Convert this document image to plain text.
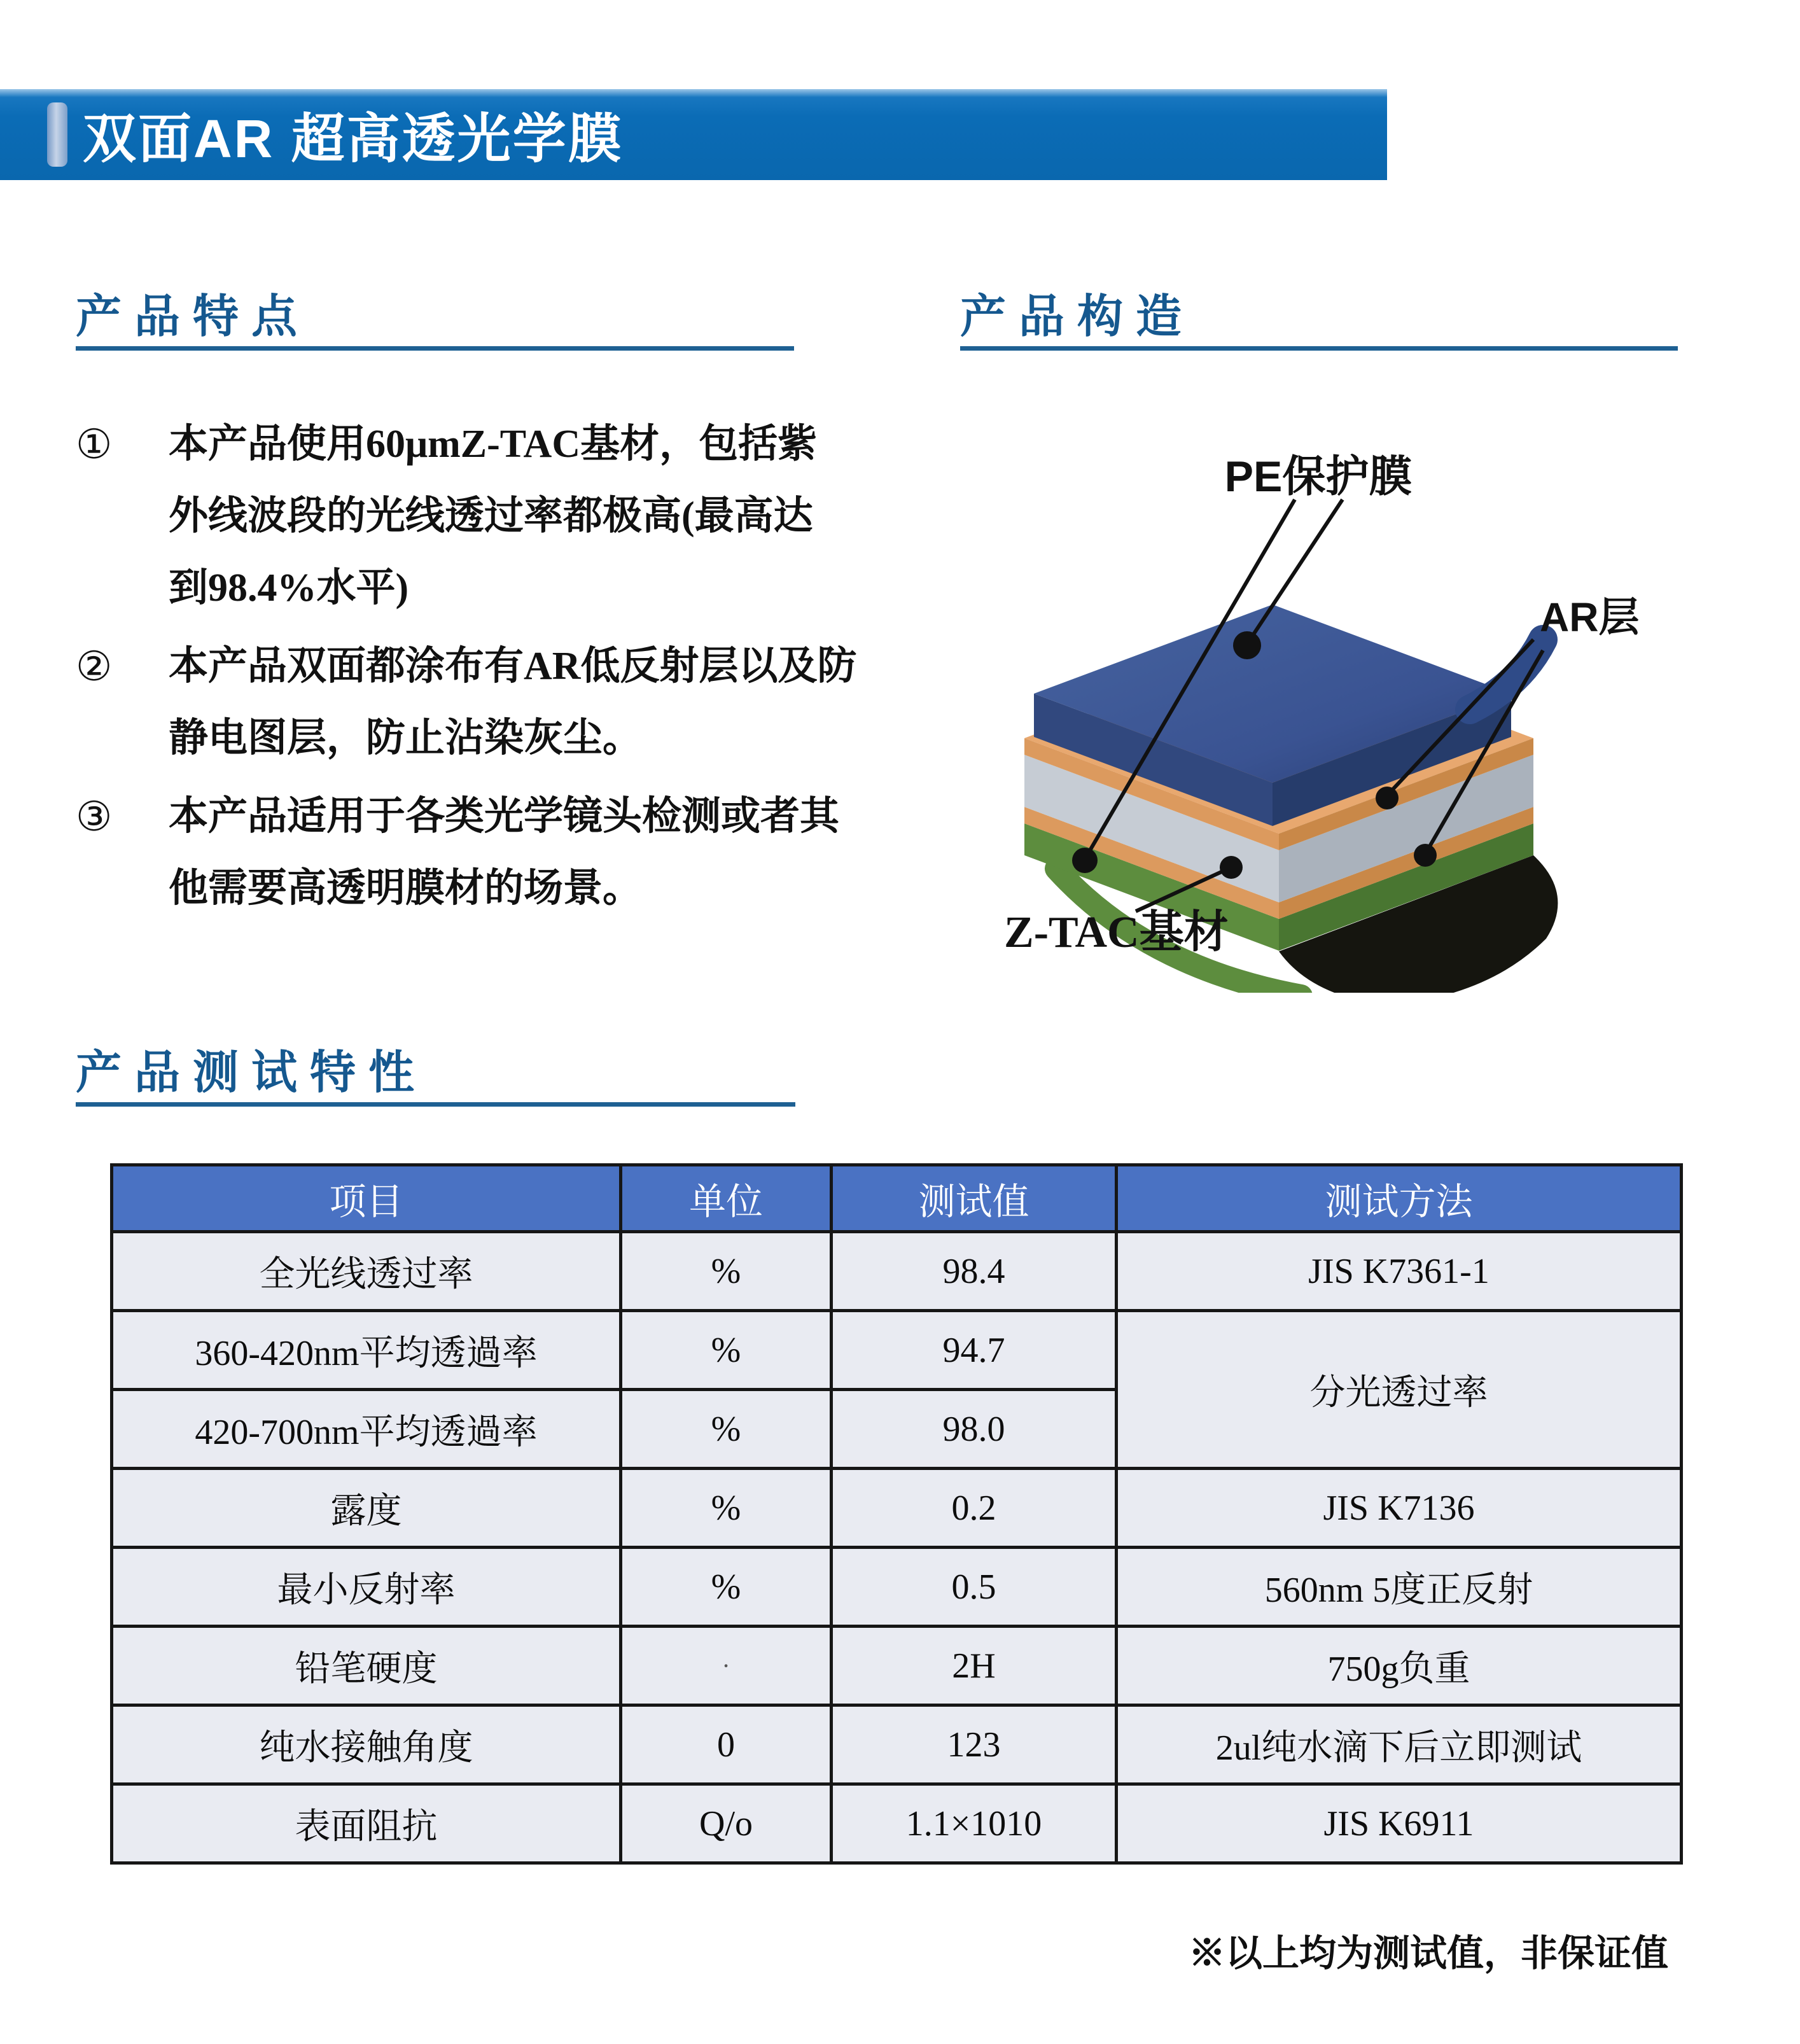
双面AR 超高透光学膜
产 品 特 点	产 品 构 造
①	本产品使用60μmZ-TAC基材，包括紫
外线波段的光线透过率都极高(最高达
到98.4%水平)
②	本产品双面都涂布有AR低反射层以及防
静电图层，防止沾染灰尘。
③	本产品适用于各类光学镜头检测或者其
他需要高透明膜材的场景。
PE保护膜
AR层
Z-TAC基材
产 品 测 试 特 性
项目	单位	测试值	测试方法
全光线透过率	%	98.4	JIS K7361-1
360-420nm平均透過率	%	94.7	分光透过率
420-700nm平均透過率	%	98.0	
露度	%	0.2	JIS K7136
最小反射率	%	0.5	560nm 5度正反射
铅笔硬度	·	2H	750g负重
纯水接触角度	0	123	2ul纯水滴下后立即测试
表面阻抗	Q/o	1.1×1010	JIS K6911
※以上均为测试值，非保证值
